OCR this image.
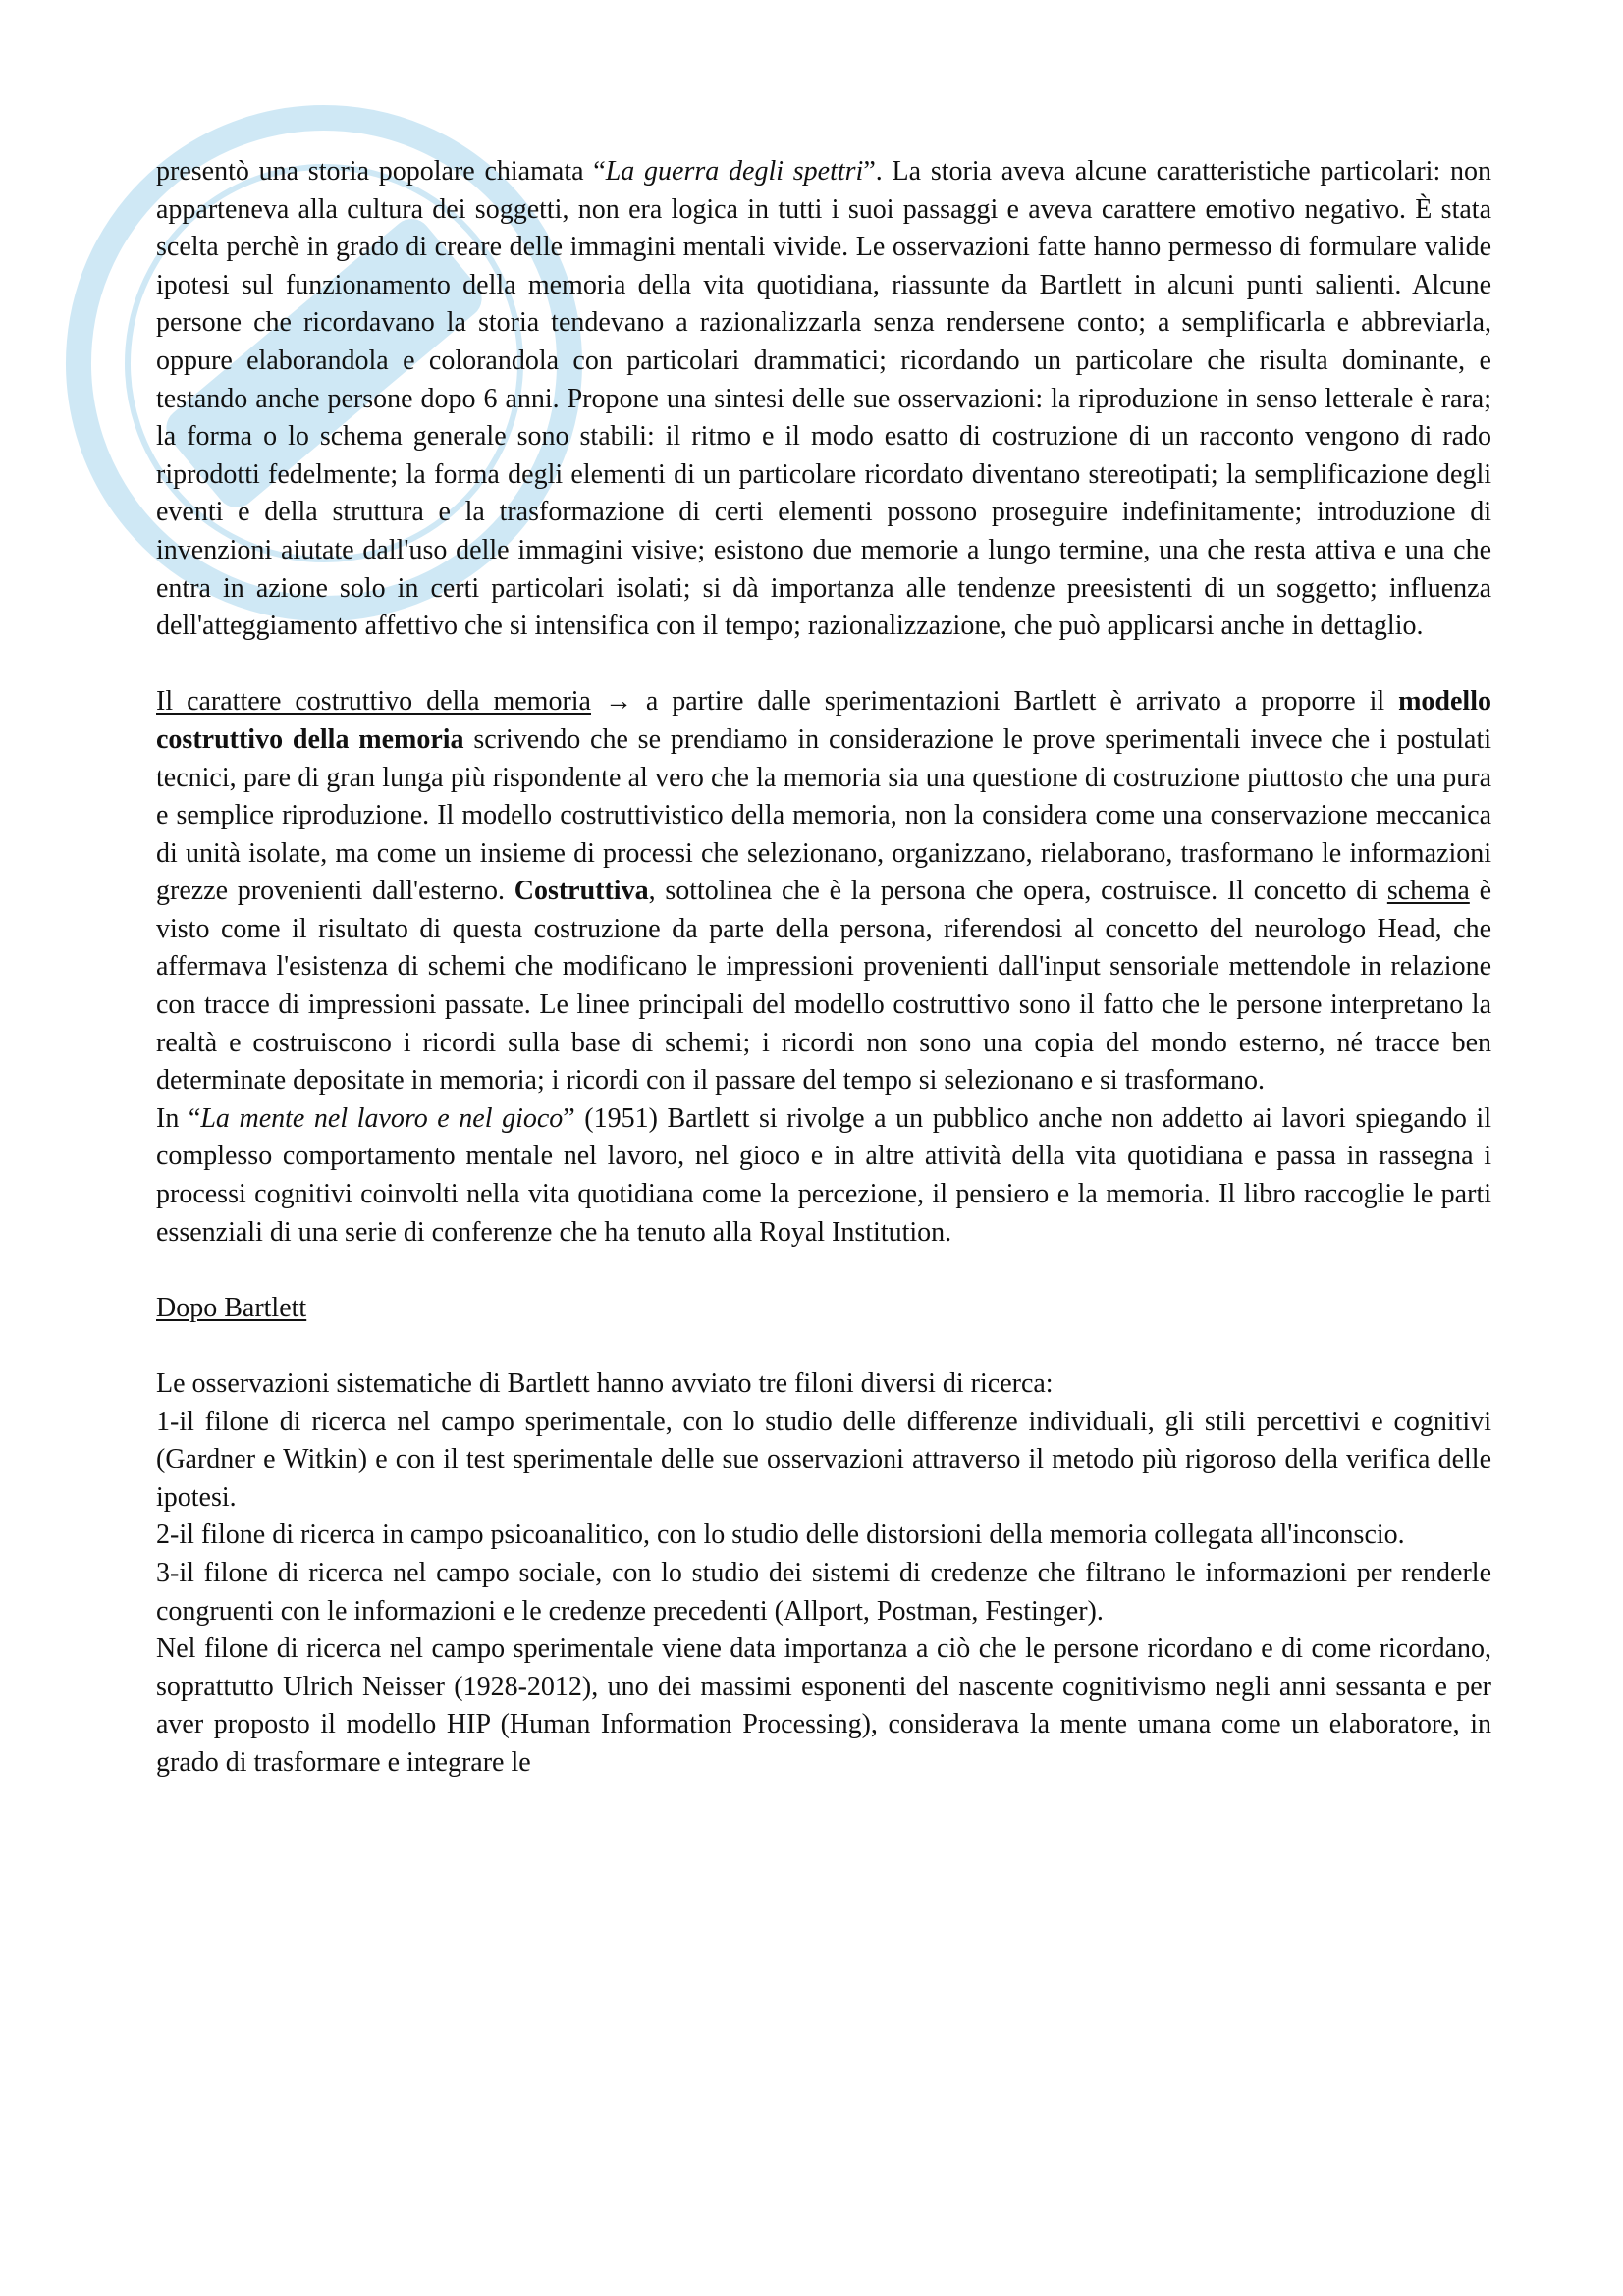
presentò una storia popolare chiamata “La guerra degli spettri”. La storia aveva alcune caratteristiche particolari: non apparteneva alla cultura dei soggetti, non era logica in tutti i suoi passaggi e aveva carattere emotivo negativo. È stata scelta perchè in grado di creare delle immagini mentali vivide. Le osservazioni fatte hanno permesso di formulare valide ipotesi sul funzionamento della memoria della vita quotidiana, riassunte da Bartlett in alcuni punti salienti. Alcune persone che ricordavano la storia tendevano a razionalizzarla senza rendersene conto; a semplificarla e abbreviarla, oppure elaborandola e colorandola con particolari drammatici; ricordando un particolare che risulta dominante, e testando anche persone dopo 6 anni. Propone una sintesi delle sue osservazioni: la riproduzione in senso letterale è rara; la forma o lo schema generale sono stabili: il ritmo e il modo esatto di costruzione di un racconto vengono di rado riprodotti fedelmente; la forma degli elementi di un particolare ricordato diventano stereotipati; la semplificazione degli eventi e della struttura e la trasformazione di certi elementi possono proseguire indefinitamente; introduzione di invenzioni aiutate dall'uso delle immagini visive; esistono due memorie a lungo termine, una che resta attiva e una che entra in azione solo in certi particolari isolati; si dà importanza alle tendenze preesistenti di un soggetto; influenza dell'atteggiamento affettivo che si intensifica con il tempo; razionalizzazione, che può applicarsi anche in dettaglio.

Il carattere costruttivo della memoria → a partire dalle sperimentazioni Bartlett è arrivato a proporre il modello costruttivo della memoria scrivendo che se prendiamo in considerazione le prove sperimentali invece che i postulati tecnici, pare di gran lunga più rispondente al vero che la memoria sia una questione di costruzione piuttosto che una pura e semplice riproduzione. Il modello costruttivistico della memoria, non la considera come una conservazione meccanica di unità isolate, ma come un insieme di processi che selezionano, organizzano, rielaborano, trasformano le informazioni grezze provenienti dall'esterno. Costruttiva, sottolinea che è la persona che opera, costruisce. Il concetto di schema è visto come il risultato di questa costruzione da parte della persona, riferendosi al concetto del neurologo Head, che affermava l'esistenza di schemi che modificano le impressioni provenienti dall'input sensoriale mettendole in relazione con tracce di impressioni passate. Le linee principali del modello costruttivo sono il fatto che le persone interpretano la realtà e costruiscono i ricordi sulla base di schemi; i ricordi non sono una copia del mondo esterno, né tracce ben determinate depositate in memoria; i ricordi con il passare del tempo si selezionano e si trasformano.

In “La mente nel lavoro e nel gioco” (1951) Bartlett si rivolge a un pubblico anche non addetto ai lavori spiegando il complesso comportamento mentale nel lavoro, nel gioco e in altre attività della vita quotidiana e passa in rassegna i processi cognitivi coinvolti nella vita quotidiana come la percezione, il pensiero e la memoria. Il libro raccoglie le parti essenziali di una serie di conferenze che ha tenuto alla Royal Institution.

Dopo Bartlett

Le osservazioni sistematiche di Bartlett hanno avviato tre filoni diversi di ricerca:

1-il filone di ricerca nel campo sperimentale, con lo studio delle differenze individuali, gli stili percettivi e cognitivi (Gardner e Witkin) e con il test sperimentale delle sue osservazioni attraverso il metodo più rigoroso della verifica delle ipotesi.

2-il filone di ricerca in campo psicoanalitico, con lo studio delle distorsioni della memoria collegata all'inconscio.

3-il filone di ricerca nel campo sociale, con lo studio dei sistemi di credenze che filtrano le informazioni per renderle congruenti con le informazioni e le credenze precedenti (Allport, Postman, Festinger).

Nel filone di ricerca nel campo sperimentale viene data importanza a ciò che le persone ricordano e di come ricordano, soprattutto Ulrich Neisser (1928-2012), uno dei massimi esponenti del nascente cognitivismo negli anni sessanta e per aver proposto il modello HIP (Human Information Processing), considerava la mente umana come un elaboratore, in grado di trasformare e integrare le
